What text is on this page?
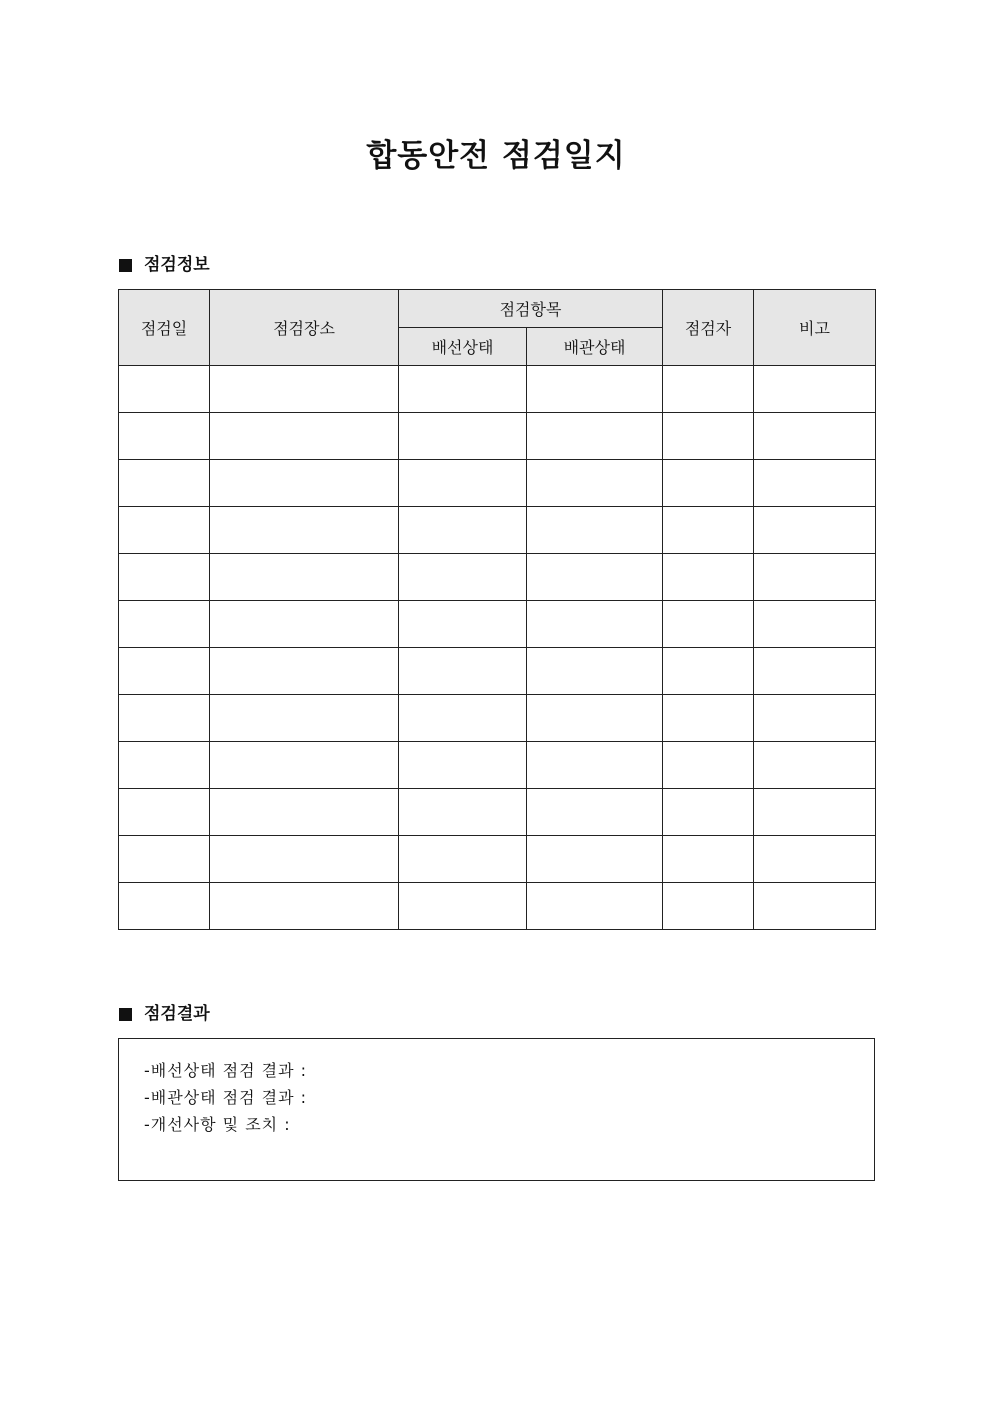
합동안전 점검일지
점검정보
점검일	점검장소	점검항목		점검자	비고
		배선상태	배관상태		

점검결과
-배선상태 점검 결과 :
-배관상태 점검 결과 :
-개선사항 및 조치 :
